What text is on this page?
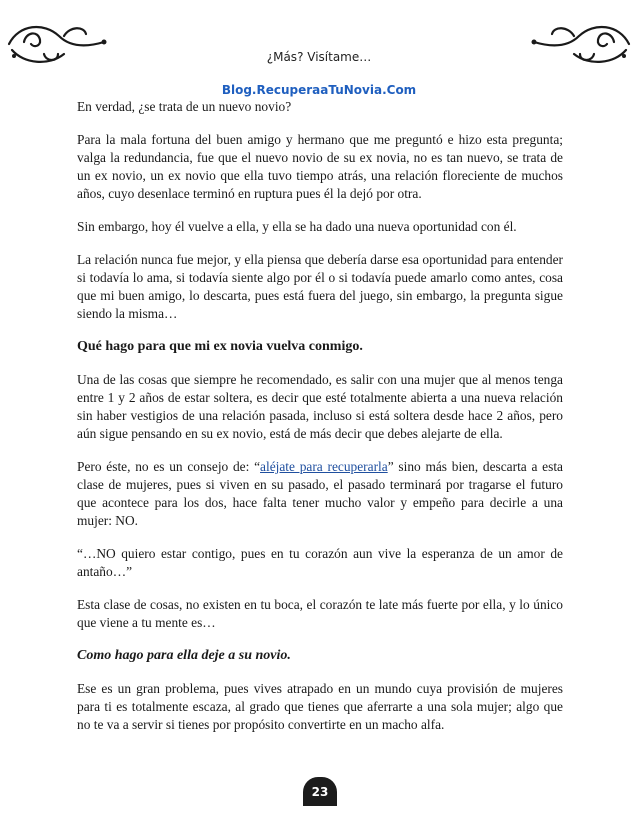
¿Más? Visítame…
Blog.RecuperaaTuNovia.Com

En verdad, ¿se trata de un nuevo novio?

Para la mala fortuna del buen amigo y hermano que me preguntó e hizo esta pregunta; valga la redundancia, fue que el nuevo novio de su ex novia, no es tan nuevo, se trata de un ex novio, un ex novio que ella tuvo tiempo atrás, una relación floreciente de muchos años, cuyo desenlace terminó en ruptura pues él la dejó por otra.

Sin embargo, hoy él vuelve a ella, y ella se ha dado una nueva oportunidad con él.

La relación nunca fue mejor, y ella piensa que debería darse esa oportunidad para entender si todavía lo ama, si todavía siente algo por él o si todavía puede amarlo como antes, cosa que mi buen amigo, lo descarta, pues está fuera del juego, sin embargo, la pregunta sigue siendo la misma…

Qué hago para que mi ex novia vuelva conmigo.

Una de las cosas que siempre he recomendado, es salir con una mujer que al menos tenga entre 1 y 2 años de estar soltera, es decir que esté totalmente abierta a una nueva relación sin haber vestigios de una relación pasada, incluso si está soltera desde hace 2 años, pero aún sigue pensando en su ex novio, está de más decir que debes alejarte de ella.

Pero éste, no es un consejo de: “aléjate para recuperarla” sino más bien, descarta a esta clase de mujeres, pues si viven en su pasado, el pasado terminará por tragarse el futuro que acontece para los dos, hace falta tener mucho valor y empeño para decirle a una mujer: NO.

“…NO quiero estar contigo, pues en tu corazón aun vive la esperanza de un amor de antaño…”

Esta clase de cosas, no existen en tu boca, el corazón te late más fuerte por ella, y lo único que viene a tu mente es…

Como hago para ella deje a su novio.

Ese es un gran problema, pues vives atrapado en un mundo cuya provisión de mujeres para ti es totalmente escaza, al grado que tienes que aferrarte a una sola mujer; algo que no te va a servir si tienes por propósito convertirte en un macho alfa.

23
